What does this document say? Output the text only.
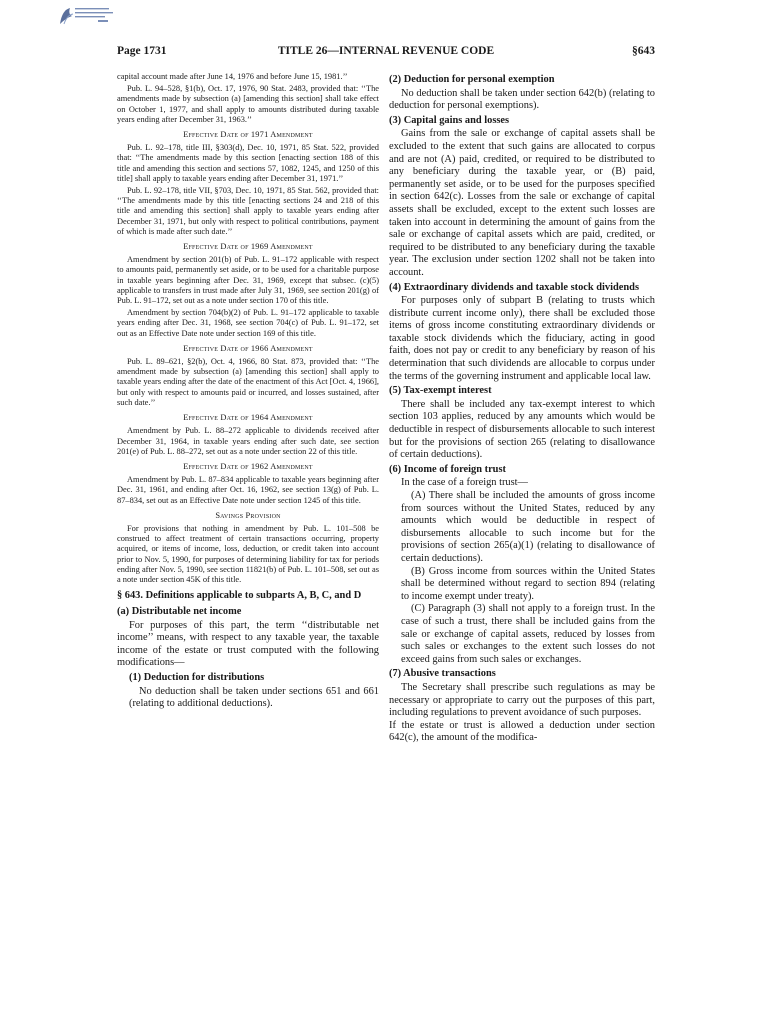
Page 1731	TITLE 26—INTERNAL REVENUE CODE	§643

capital account made after June 14, 1976 and before June 15, 1981.’’

Pub. L. 94–528, §1(b), Oct. 17, 1976, 90 Stat. 2483, provided that: ‘‘The amendments made by subsection (a) [amending this section] shall take effect on October 1, 1977, and shall apply to amounts distributed during taxable years ending after December 31, 1963.’’

Effective Date of 1971 Amendment

Pub. L. 92–178, title III, §303(d), Dec. 10, 1971, 85 Stat. 522, provided that: ‘‘The amendments made by this section [enacting section 188 of this title and amending this section and sections 57, 1082, 1245, and 1250 of this title] shall apply to taxable years ending after December 31, 1971.’’

Pub. L. 92–178, title VII, §703, Dec. 10, 1971, 85 Stat. 562, provided that: ‘‘The amendments made by this title [enacting sections 24 and 218 of this title and amending this section] shall apply to taxable years ending after December 31, 1971, but only with respect to political contributions, payment of which is made after such date.’’

Effective Date of 1969 Amendment

Amendment by section 201(b) of Pub. L. 91–172 applicable with respect to amounts paid, permanently set aside, or to be used for a charitable purpose in taxable years beginning after Dec. 31, 1969, except that subsec. (c)(5) applicable to transfers in trust made after July 31, 1969, see section 201(g) of Pub. L. 91–172, set out as a note under section 170 of this title.

Amendment by section 704(b)(2) of Pub. L. 91–172 applicable to taxable years ending after Dec. 31, 1968, see section 704(c) of Pub. L. 91–172, set out as an Effective Date note under section 169 of this title.

Effective Date of 1966 Amendment

Pub. L. 89–621, §2(b), Oct. 4, 1966, 80 Stat. 873, provided that: ‘‘The amendment made by subsection (a) [amending this section] shall apply to taxable years ending after the date of the enactment of this Act [Oct. 4, 1966], but only with respect to amounts paid or incurred, and losses sustained, after such date.’’

Effective Date of 1964 Amendment

Amendment by Pub. L. 88–272 applicable to dividends received after December 31, 1964, in taxable years ending after such date, see section 201(e) of Pub. L. 88–272, set out as a note under section 22 of this title.

Effective Date of 1962 Amendment

Amendment by Pub. L. 87–834 applicable to taxable years beginning after Dec. 31, 1961, and ending after Oct. 16, 1962, see section 13(g) of Pub. L. 87–834, set out as an Effective Date note under section 1245 of this title.

Savings Provision

For provisions that nothing in amendment by Pub. L. 101–508 be construed to affect treatment of certain transactions occurring, property acquired, or items of income, loss, deduction, or credit taken into account prior to Nov. 5, 1990, for purposes of determining liability for tax for periods ending after Nov. 5, 1990, see section 11821(b) of Pub. L. 101–508, set out as a note under section 45K of this title.

§ 643. Definitions applicable to subparts A, B, C, and D
(a) Distributable net income

For purposes of this part, the term ‘‘distributable net income’’ means, with respect to any taxable year, the taxable income of the estate or trust computed with the following modifications—

(1) Deduction for distributions

No deduction shall be taken under sections 651 and 661 (relating to additional deductions).

(2) Deduction for personal exemption

No deduction shall be taken under section 642(b) (relating to deduction for personal exemptions).

(3) Capital gains and losses

Gains from the sale or exchange of capital assets shall be excluded to the extent that such gains are allocated to corpus and are not (A) paid, credited, or required to be distributed to any beneficiary during the taxable year, or (B) paid, permanently set aside, or to be used for the purposes specified in section 642(c). Losses from the sale or exchange of capital assets shall be excluded, except to the extent such losses are taken into account in determining the amount of gains from the sale or exchange of capital assets which are paid, credited, or required to be distributed to any beneficiary during the taxable year. The exclusion under section 1202 shall not be taken into account.

(4) Extraordinary dividends and taxable stock dividends

For purposes only of subpart B (relating to trusts which distribute current income only), there shall be excluded those items of gross income constituting extraordinary dividends or taxable stock dividends which the fiduciary, acting in good faith, does not pay or credit to any beneficiary by reason of his determination that such dividends are allocable to corpus under the terms of the governing instrument and applicable local law.

(5) Tax-exempt interest

There shall be included any tax-exempt interest to which section 103 applies, reduced by any amounts which would be deductible in respect of disbursements allocable to such interest but for the provisions of section 265 (relating to disallowance of certain deductions).

(6) Income of foreign trust

In the case of a foreign trust—

(A) There shall be included the amounts of gross income from sources without the United States, reduced by any amounts which would be deductible in respect of disbursements allocable to such income but for the provisions of section 265(a)(1) (relating to disallowance of certain deductions).

(B) Gross income from sources within the United States shall be determined without regard to section 894 (relating to income exempt under treaty).

(C) Paragraph (3) shall not apply to a foreign trust. In the case of such a trust, there shall be included gains from the sale or exchange of capital assets, reduced by losses from such sales or exchanges to the extent such losses do not exceed gains from such sales or exchanges.

(7) Abusive transactions

The Secretary shall prescribe such regulations as may be necessary or appropriate to carry out the purposes of this part, including regulations to prevent avoidance of such purposes.

If the estate or trust is allowed a deduction under section 642(c), the amount of the modifica-
